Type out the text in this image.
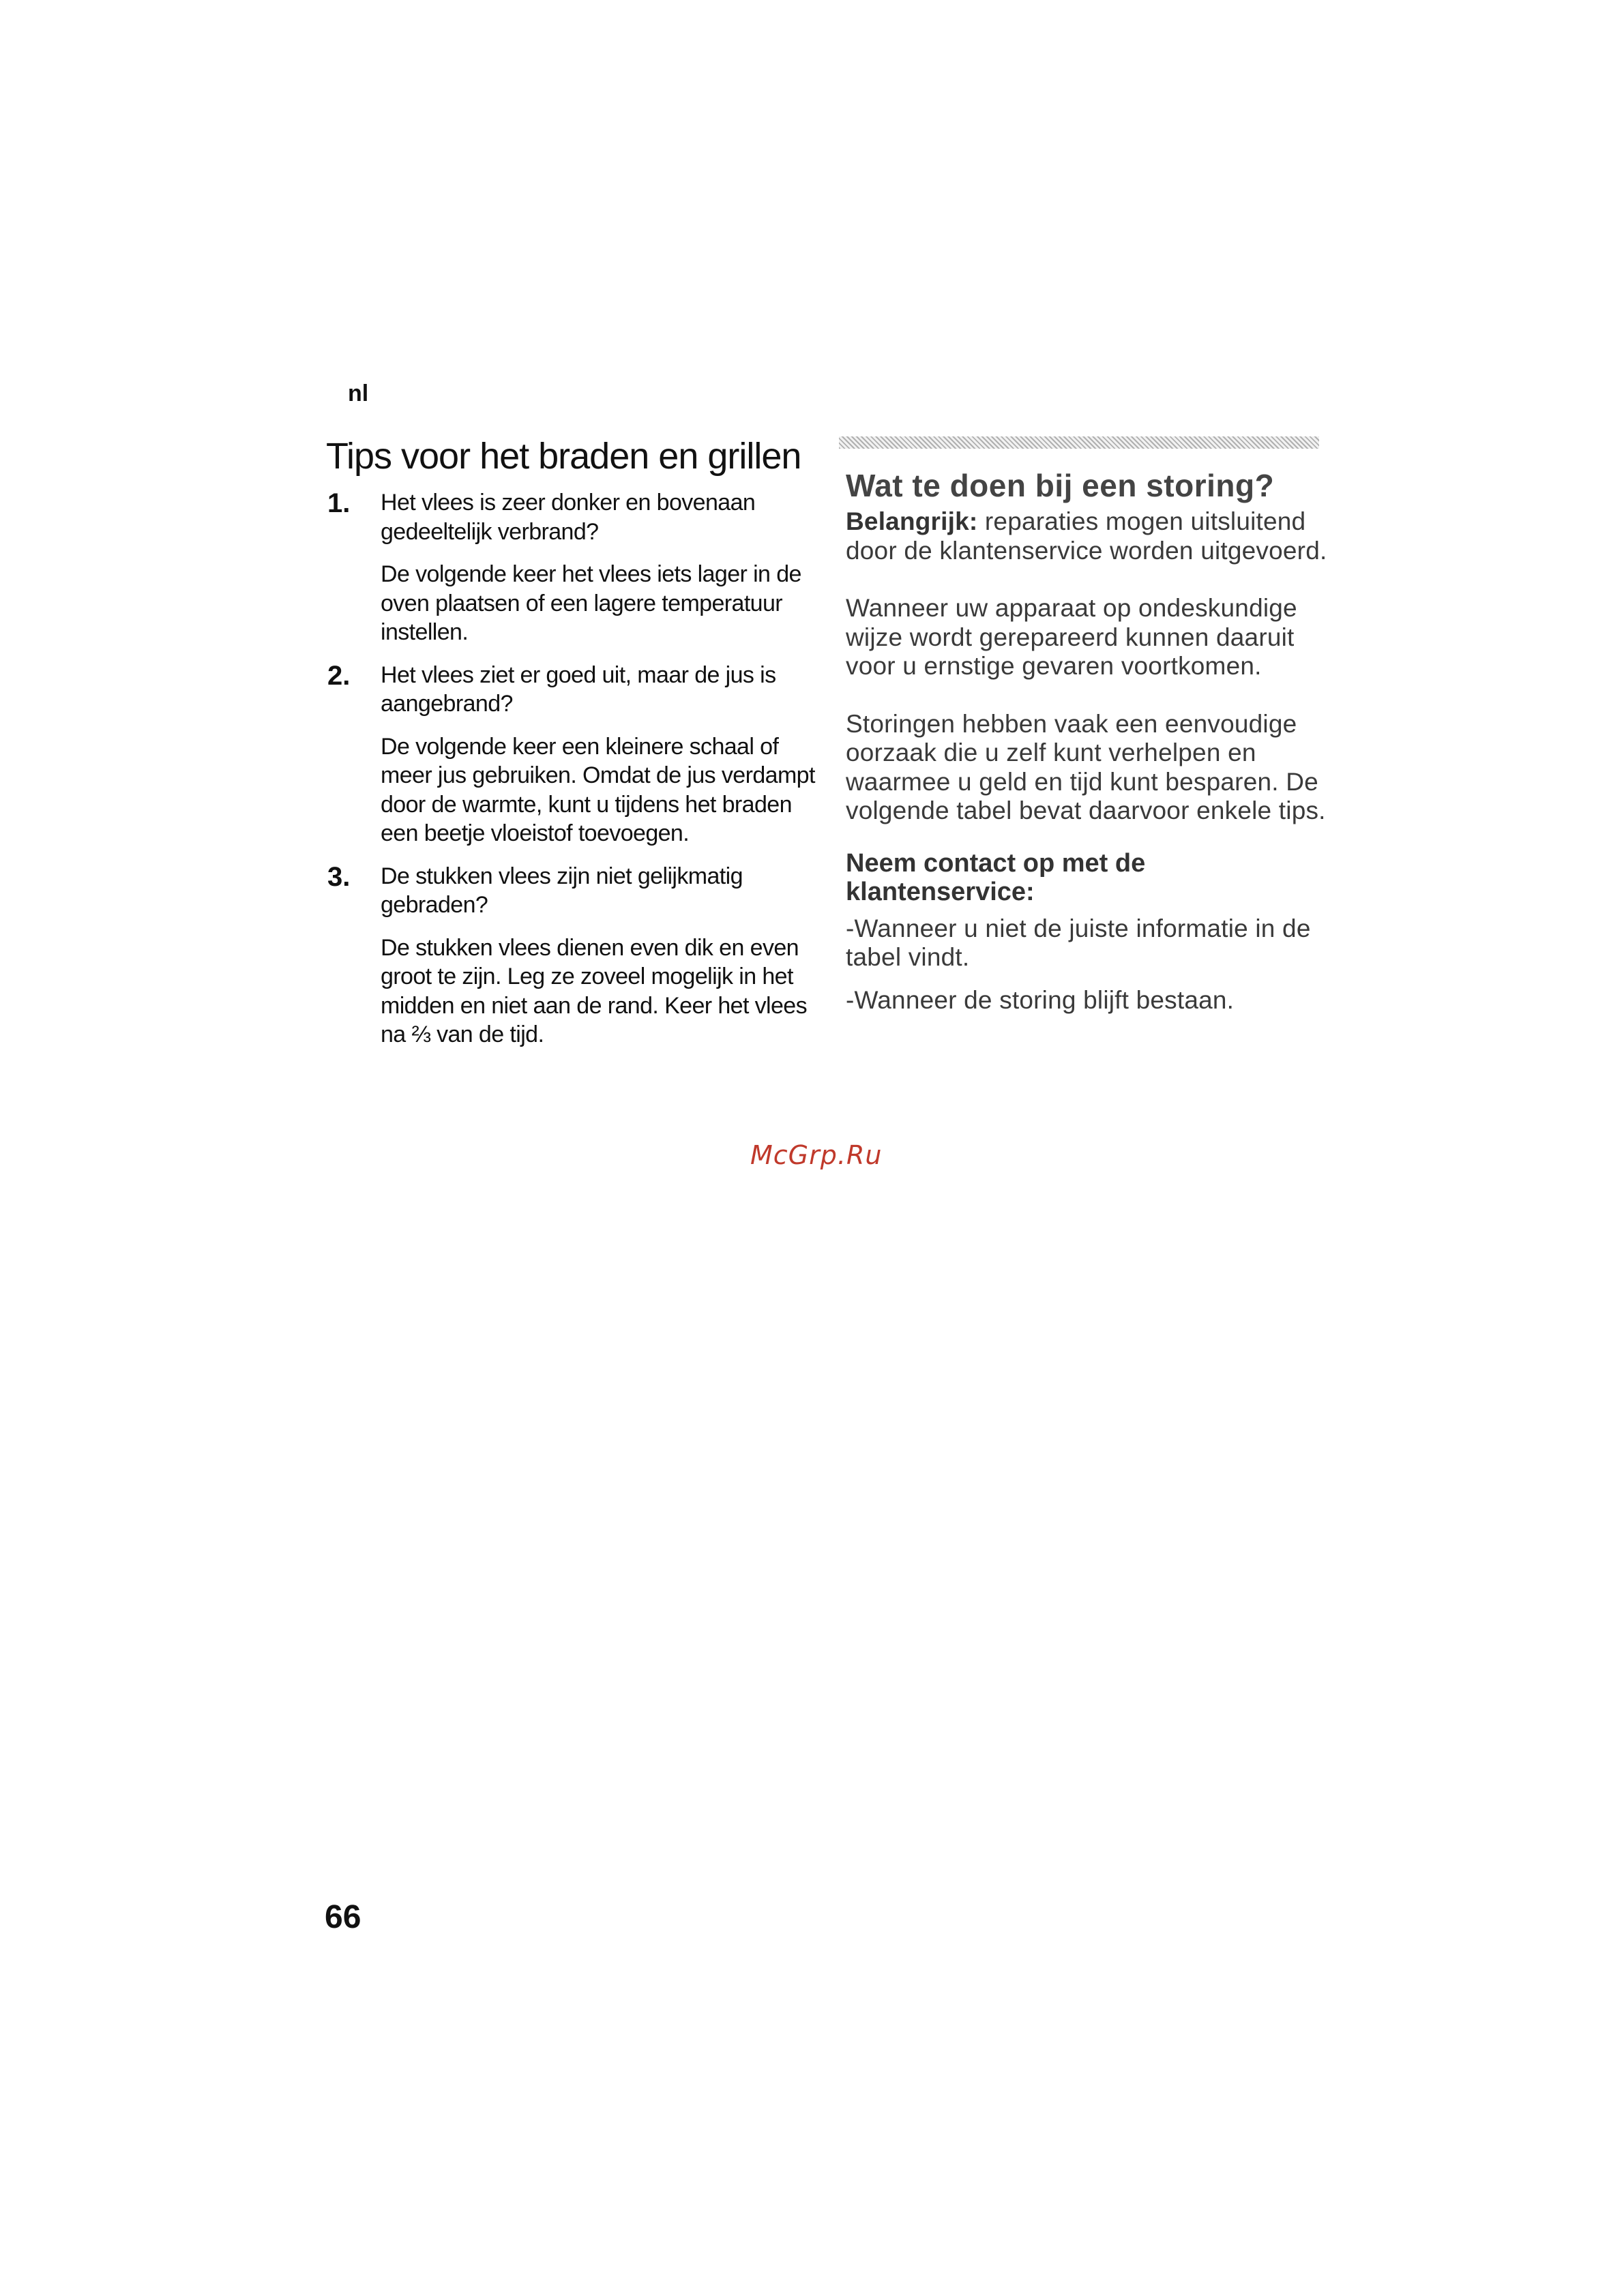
nl
Tips voor het braden en grillen
1.	Het vlees is zeer donker en bovenaan gedeeltelijk verbrand?

De volgende keer het vlees iets lager in de oven plaatsen of een lagere temperatuur instellen.

2.	Het vlees ziet er goed uit, maar de jus is aangebrand?

De volgende keer een kleinere schaal of meer jus gebruiken. Omdat de jus verdampt door de warmte, kunt u tijdens het braden een beetje vloeistof toevoegen.

3.	De stukken vlees zijn niet gelijkmatig gebraden?

De stukken vlees dienen even dik en even groot te zijn. Leg ze zoveel mogelijk in het midden en niet aan de rand. Keer het vlees na ⅔ van de tijd.

Wat te doen bij een storing?

Belangrijk: reparaties mogen uitsluitend door de klantenservice worden uitgevoerd.

Wanneer uw apparaat op ondeskundige wijze wordt gerepareerd kunnen daaruit voor u ernstige gevaren voortkomen.

Storingen hebben vaak een eenvoudige oorzaak die u zelf kunt verhelpen en waarmee u geld en tijd kunt besparen. De volgende tabel bevat daarvoor enkele tips.

Neem contact op met de klantenservice:

-Wanneer u niet de juiste informatie in de tabel vindt.

-Wanneer de storing blijft bestaan.

McGrp.Ru
66
